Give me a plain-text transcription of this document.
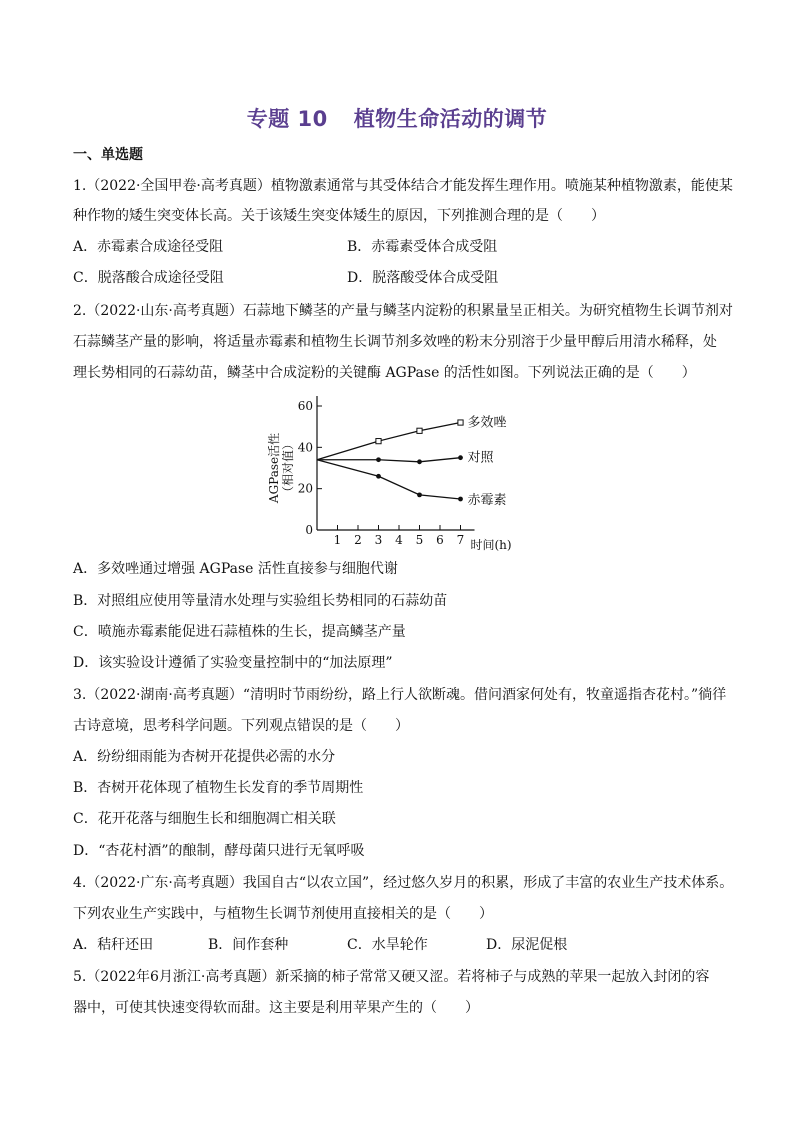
专题 10 植物生命活动的调节
一、单选题
1.（2022·全国甲卷·高考真题）植物激素通常与其受体结合才能发挥生理作用。喷施某种植物激素，能使某
种作物的矮生突变体长高。关于该矮生突变体矮生的原因，下列推测合理的是（　　）
A．赤霉素合成途径受阻	B．赤霉素受体合成受阻
C．脱落酸合成途径受阻	D．脱落酸受体合成受阻
2.（2022·山东·高考真题）石蒜地下鳞茎的产量与鳞茎内淀粉的积累量呈正相关。为研究植物生长调节剂对
石蒜鳞茎产量的影响，将适量赤霉素和植物生长调节剂多效唑的粉末分别溶于少量甲醇后用清水稀释，处
理长势相同的石蒜幼苗，鳞茎中合成淀粉的关键酶 AGPase 的活性如图。下列说法正确的是（　　）
0
20
40
60
1 2 3 4 5 6 7 时间(h)
AGPase活性 （相对值）
多效唑
对照
赤霉素
A．多效唑通过增强 AGPase 活性直接参与细胞代谢
B．对照组应使用等量清水处理与实验组长势相同的石蒜幼苗
C．喷施赤霉素能促进石蒜植株的生长，提高鳞茎产量
D．该实验设计遵循了实验变量控制中的“加法原理”
3.（2022·湖南·高考真题）“清明时节雨纷纷，路上行人欲断魂。借问酒家何处有，牧童遥指杏花村。”徜徉
古诗意境，思考科学问题。下列观点错误的是（　　）
A．纷纷细雨能为杏树开花提供必需的水分
B．杏树开花体现了植物生长发育的季节周期性
C．花开花落与细胞生长和细胞凋亡相关联
D．“杏花村酒”的酿制，酵母菌只进行无氧呼吸
4.（2022·广东·高考真题）我国自古“以农立国”，经过悠久岁月的积累，形成了丰富的农业生产技术体系。
下列农业生产实践中，与植物生长调节剂使用直接相关的是（　　）
A．秸秆还田	B．间作套种	C．水旱轮作	D．尿泥促根
5.（2022年6月浙江·高考真题）新采摘的柿子常常又硬又涩。若将柿子与成熟的苹果一起放入封闭的容
器中，可使其快速变得软而甜。这主要是利用苹果产生的（　　）
